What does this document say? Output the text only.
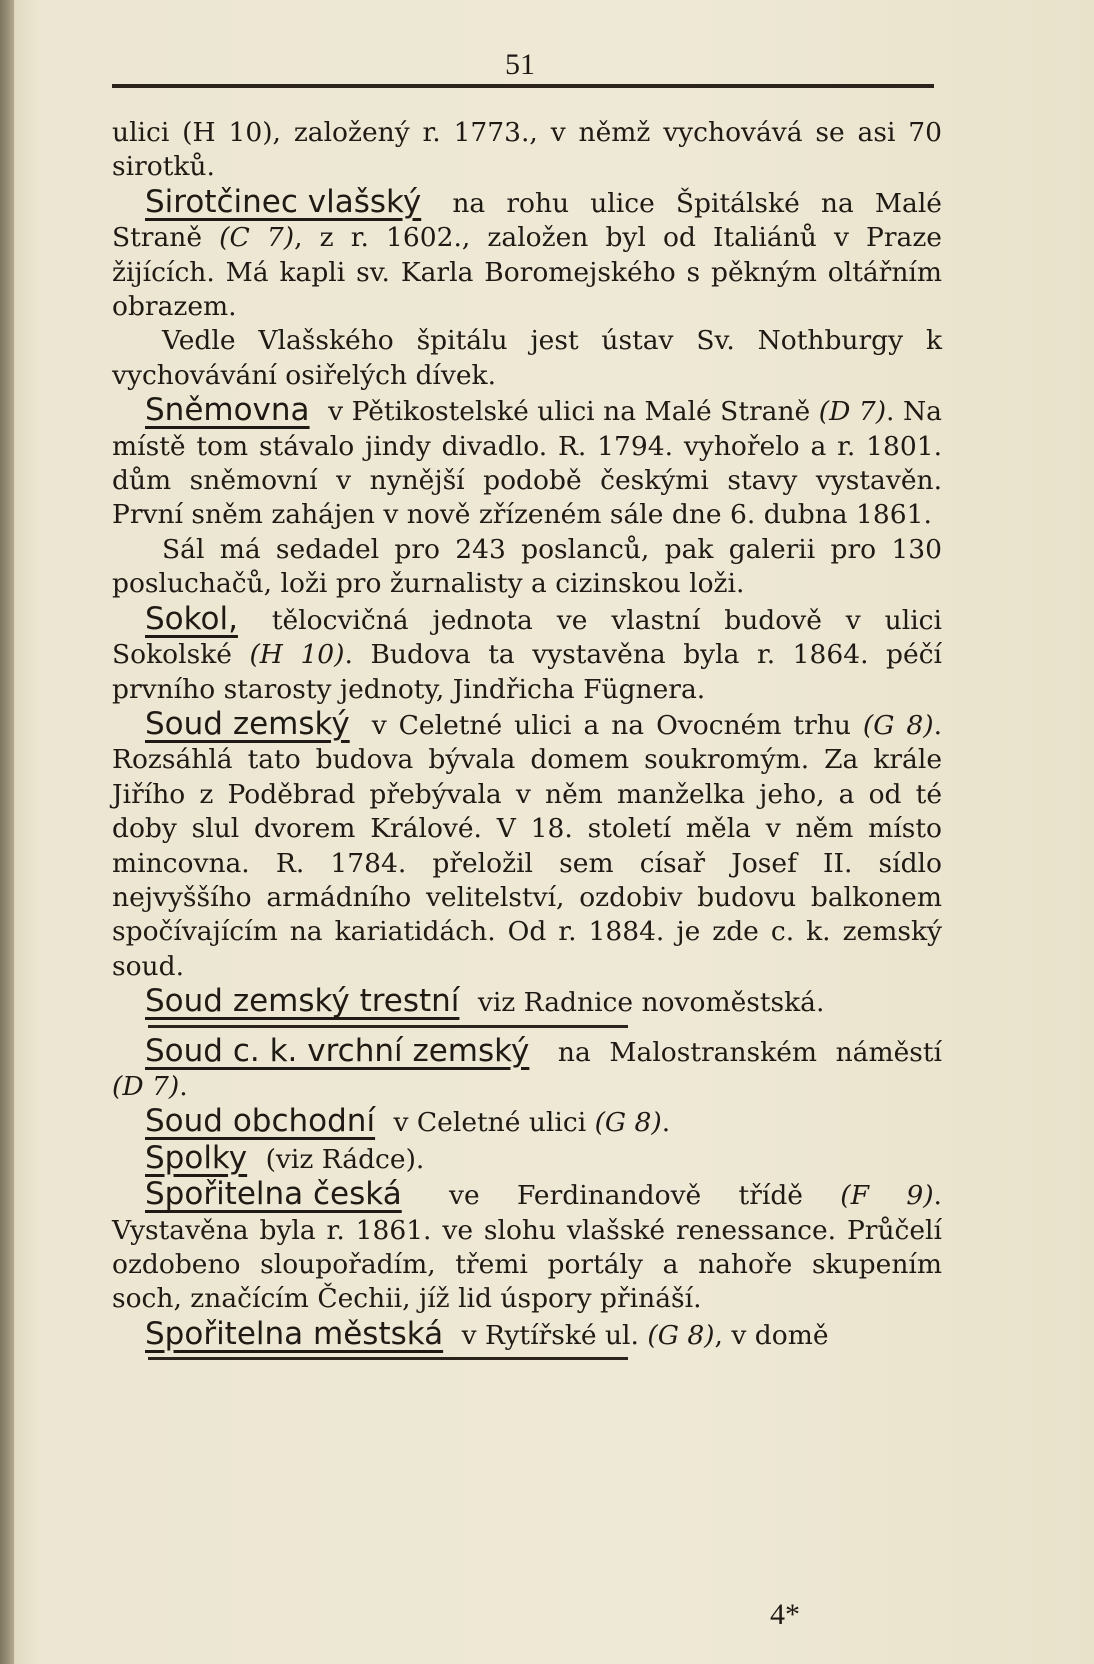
51

ulici (H 10), založený r. 1773., v němž vychovává se asi 70 sirotků.

Sirotčinec vlašský na rohu ulice Špitálské na Malé Straně (C 7), z r. 1602., založen byl od Italiánů v Praze žijících. Má kapli sv. Karla Boromejského s pěkným oltářním obrazem.

Vedle Vlašského špitálu jest ústav Sv. Nothburgy k vychovávání osiřelých dívek.

Sněmovna v Pětikostelské ulici na Malé Straně (D 7). Na místě tom stávalo jindy divadlo. R. 1794. vyhořelo a r. 1801. dům sněmovní v nynější podobě českými stavy vystavěn. První sněm zahájen v nově zřízeném sále dne 6. dubna 1861.

Sál má sedadel pro 243 poslanců, pak galerii pro 130 posluchačů, loži pro žurnalisty a cizinskou loži.

Sokol, tělocvičná jednota ve vlastní budově v ulici Sokolské (H 10). Budova ta vystavěna byla r. 1864. péčí prvního starosty jednoty, Jindřicha Fügnera.

Soud zemský v Celetné ulici a na Ovocném trhu (G 8). Rozsáhlá tato budova bývala domem soukromým. Za krále Jiřího z Poděbrad přebývala v něm manželka jeho, a od té doby slul dvorem Králové. V 18. století měla v něm místo mincovna. R. 1784. přeložil sem císař Josef II. sídlo nejvyššího armádního velitelství, ozdobiv budovu balkonem spočívajícím na kariatidách. Od r. 1884. je zde c. k. zemský soud.

Soud zemský trestní viz Radnice novoměstská.

Soud c. k. vrchní zemský na Malostranském náměstí (D 7).

Soud obchodní v Celetné ulici (G 8).

Spolky (viz Rádce).

Spořitelna česká ve Ferdinandově třídě (F 9). Vystavěna byla r. 1861. ve slohu vlašské renessance. Průčelí ozdobeno sloupořadím, třemi portály a nahoře skupením soch, značícím Čechii, jíž lid úspory přináší.

Spořitelna městská v Rytířské ul. (G 8), v domě

4*
